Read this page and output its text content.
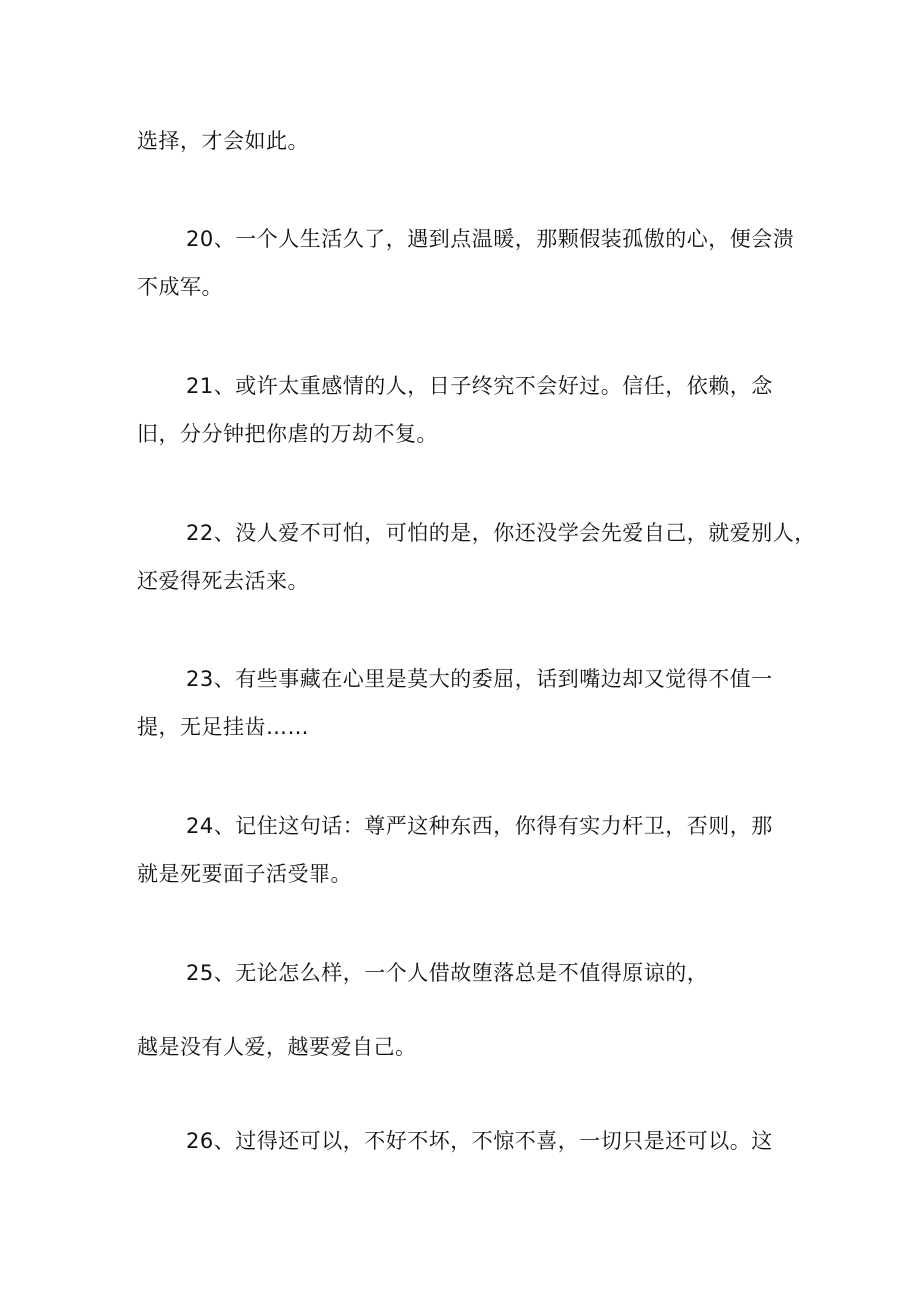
选择，才会如此。
20、一个人生活久了，遇到点温暖，那颗假装孤傲的心，便会溃
不成军。
21、或许太重感情的人，日子终究不会好过。信任，依赖，念
旧，分分钟把你虐的万劫不复。
22、没人爱不可怕，可怕的是，你还没学会先爱自己，就爱别人，
还爱得死去活来。
23、有些事藏在心里是莫大的委屈，话到嘴边却又觉得不值一
提，无足挂齿……
24、记住这句话：尊严这种东西，你得有实力杆卫，否则，那
就是死要面子活受罪。
25、无论怎么样，一个人借故堕落总是不值得原谅的，
越是没有人爱，越要爱自己。
26、过得还可以，不好不坏，不惊不喜，一切只是还可以。这
